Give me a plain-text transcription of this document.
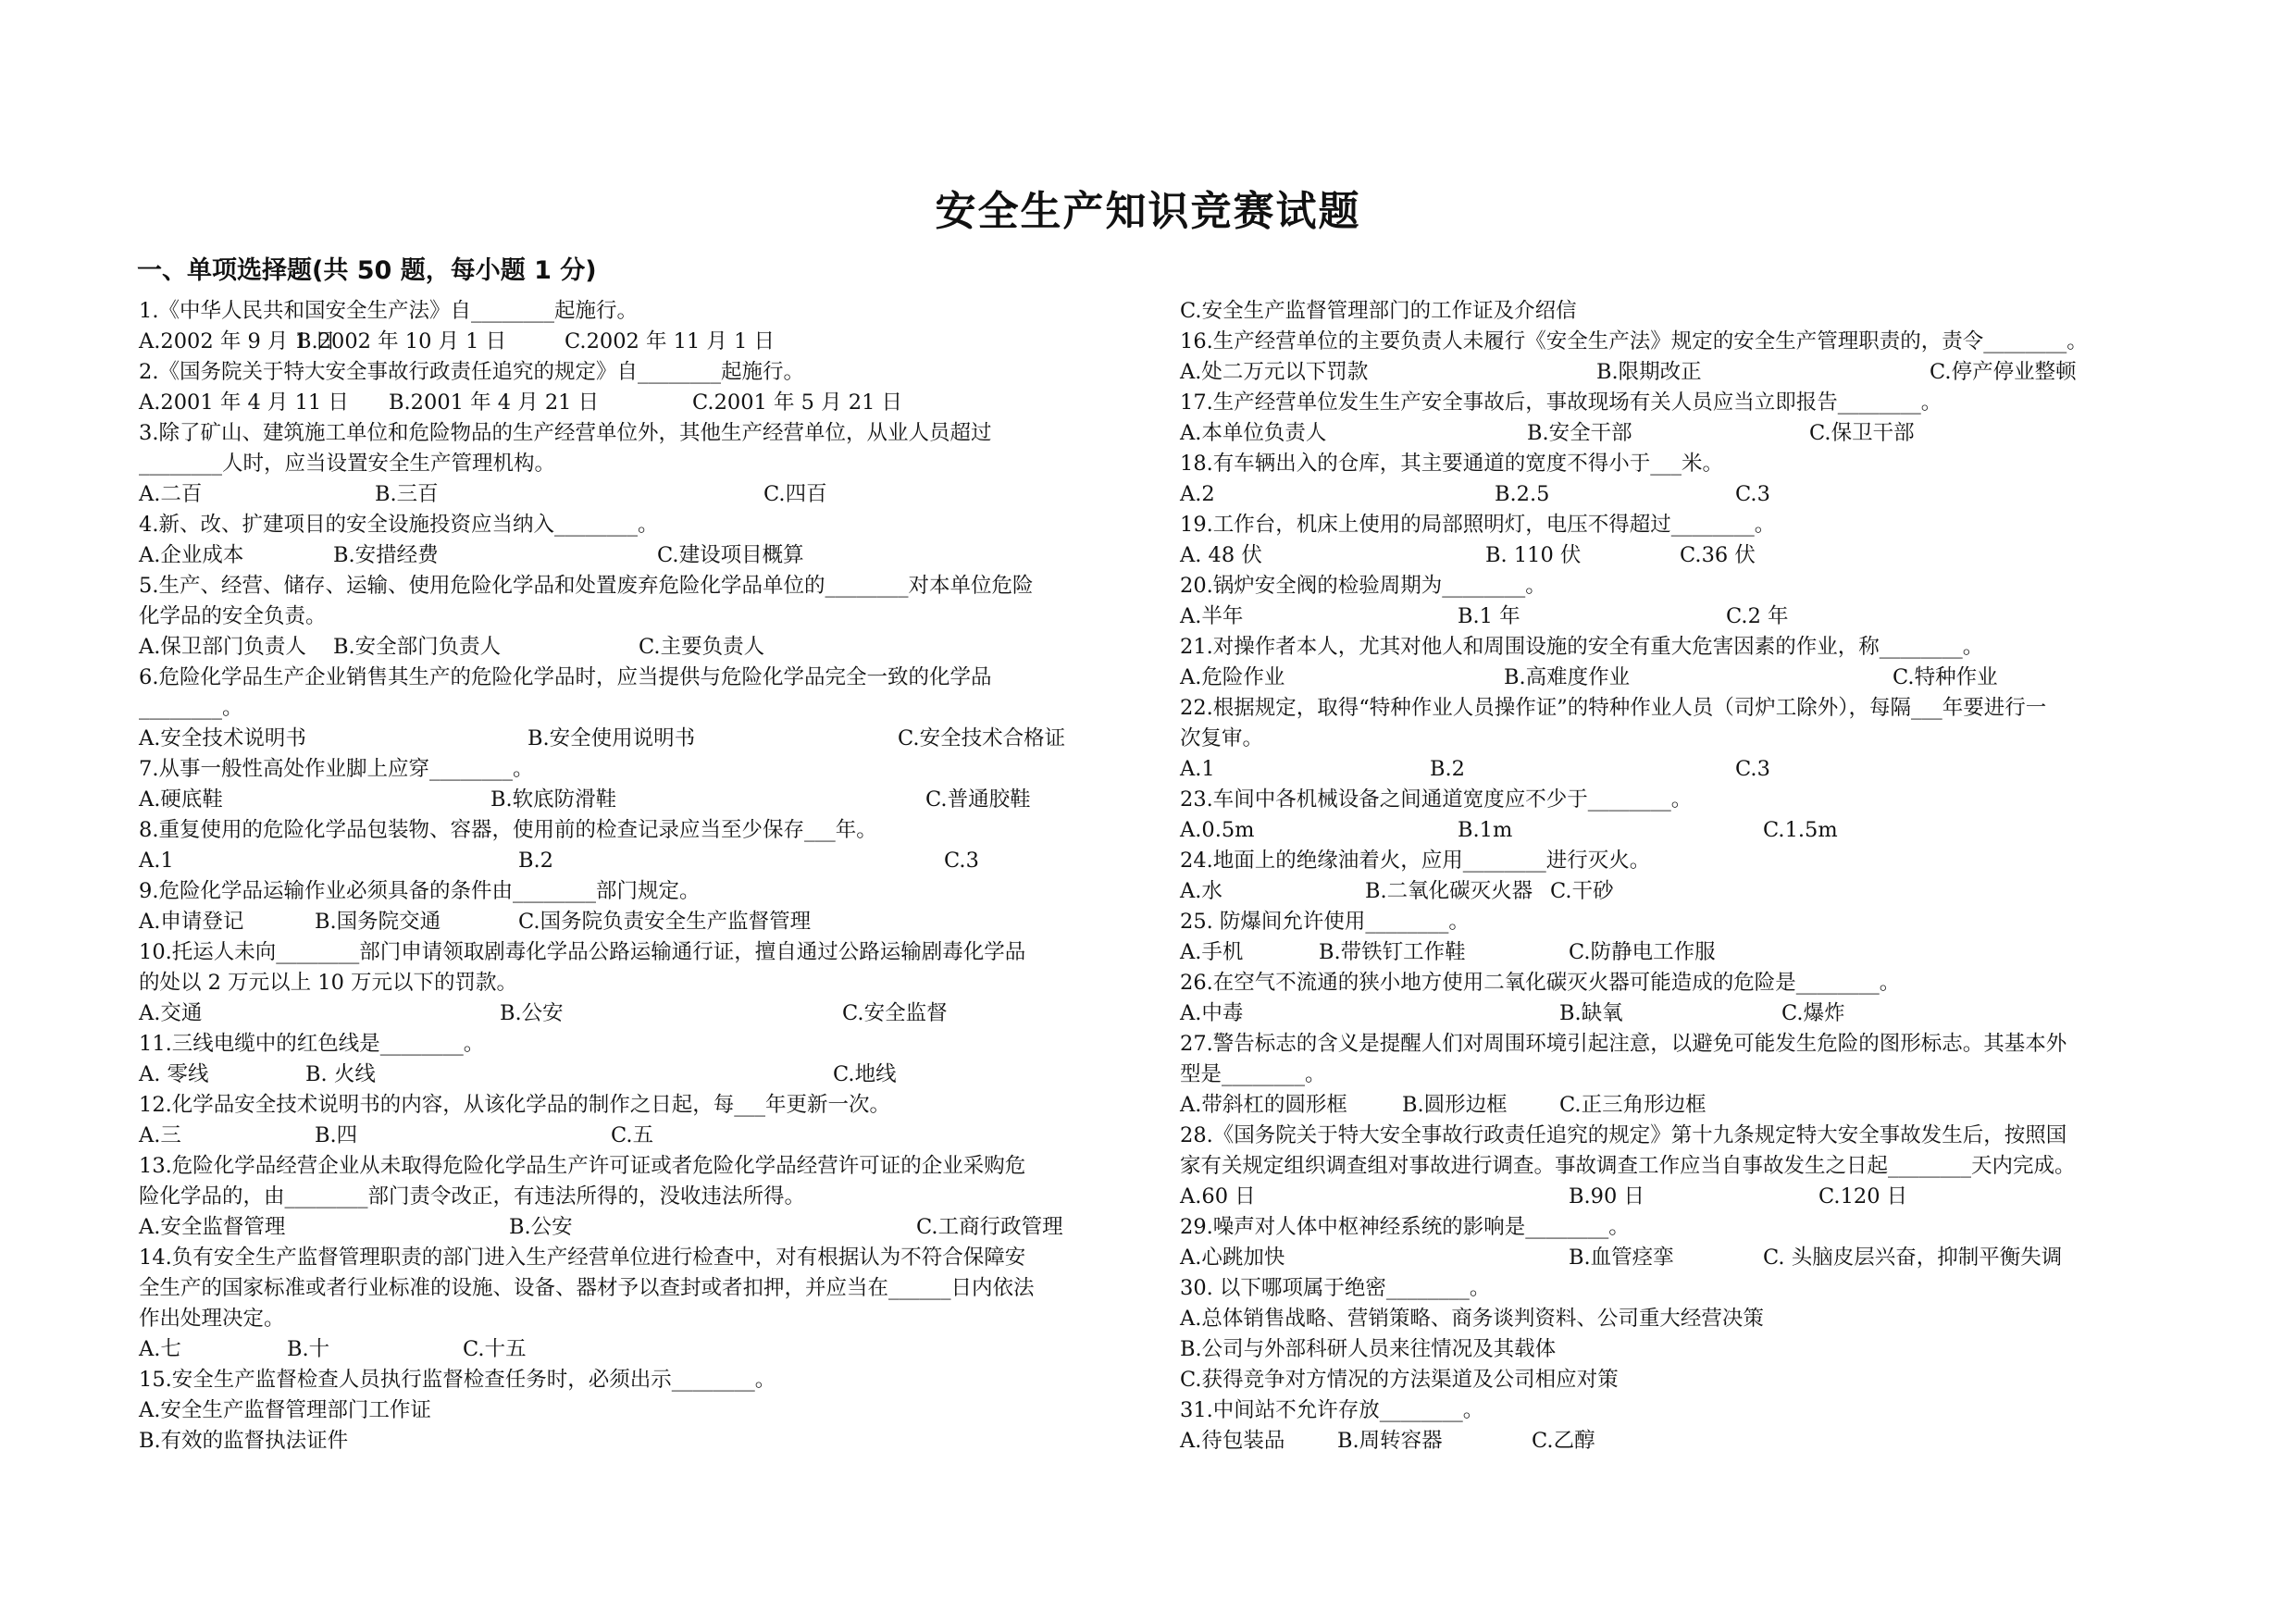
安全生产知识竞赛试题
一、单项选择题(共 50 题，每小题 1 分)
1.《中华人民共和国安全生产法》自________起施行。
A.2002 年 9 月 1 日
B.2002 年 10 月 1 日	C.2002 年 11 月 1 日
2.《国务院关于特大安全事故行政责任追究的规定》自________起施行。
A.2001 年 4 月 11 日 B.2001 年 4 月 21 日	C.2001 年 5 月 21 日
3.除了矿山、建筑施工单位和危险物品的生产经营单位外，其他生产经营单位，从业人员超过
________人时，应当设置安全生产管理机构。
A.二百	B.三百	C.四百
4.新、改、扩建项目的安全设施投资应当纳入________。
A.企业成本	B.安措经费	C.建设项目概算
5.生产、经营、储存、运输、使用危险化学品和处置废弃危险化学品单位的________对本单位危险
化学品的安全负责。
A.保卫部门负责人 B.安全部门负责人	C.主要负责人
6.危险化学品生产企业销售其生产的危险化学品时，应当提供与危险化学品完全一致的化学品
________。
A.安全技术说明书	B.安全使用说明书	C.安全技术合格证
7.从事一般性高处作业脚上应穿________。
A.硬底鞋	B.软底防滑鞋	C.普通胶鞋
8.重复使用的危险化学品包装物、容器，使用前的检查记录应当至少保存___年。
A.1	B.2	C.3
9.危险化学品运输作业必须具备的条件由________部门规定。
A.申请登记	B.国务院交通	C.国务院负责安全生产监督管理
10.托运人未向________部门申请领取剧毒化学品公路运输通行证，擅自通过公路运输剧毒化学品
的处以 2 万元以上 10 万元以下的罚款。
A.交通	B.公安	C.安全监督
11.三线电缆中的红色线是________。
A. 零线	B. 火线	C.地线
12.化学品安全技术说明书的内容，从该化学品的制作之日起，每___年更新一次。
A.三	B.四	C.五
13.危险化学品经营企业从未取得危险化学品生产许可证或者危险化学品经营许可证的企业采购危
险化学品的，由________部门责令改正，有违法所得的，没收违法所得。
A.安全监督管理	B.公安	C.工商行政管理
14.负有安全生产监督管理职责的部门进入生产经营单位进行检查中，对有根据认为不符合保障安
全生产的国家标准或者行业标准的设施、设备、器材予以查封或者扣押，并应当在______日内依法
作出处理决定。
A.七	B.十	C.十五
15.安全生产监督检查人员执行监督检查任务时，必须出示________。
A.安全生产监督管理部门工作证
B.有效的监督执法证件
C.安全生产监督管理部门的工作证及介绍信
16.生产经营单位的主要负责人未履行《安全生产法》规定的安全生产管理职责的，责令________。
A.处二万元以下罚款	B.限期改正	C.停产停业整顿
17.生产经营单位发生生产安全事故后，事故现场有关人员应当立即报告________。
A.本单位负责人	B.安全干部	C.保卫干部
18.有车辆出入的仓库，其主要通道的宽度不得小于___米。
A.2	B.2.5	C.3
19.工作台，机床上使用的局部照明灯，电压不得超过________。
A. 48 伏	B. 110 伏	C.36 伏
20.锅炉安全阀的检验周期为________。
A.半年	B.1 年	C.2 年
21.对操作者本人，尤其对他人和周围设施的安全有重大危害因素的作业，称________。
A.危险作业	B.高难度作业	C.特种作业
22.根据规定，取得“特种作业人员操作证”的特种作业人员（司炉工除外），每隔___年要进行一
次复审。
A.1	B.2	C.3
23.车间中各机械设备之间通道宽度应不少于________。
A.0.5m	B.1m	C.1.5m
24.地面上的绝缘油着火，应用________进行灭火。
A.水	B.二氧化碳灭火器 C.干砂
25. 防爆间允许使用________。
A.手机	B.带铁钉工作鞋	C.防静电工作服
26.在空气不流通的狭小地方使用二氧化碳灭火器可能造成的危险是________。
A.中毒	B.缺氧	C.爆炸
27.警告标志的含义是提醒人们对周围环境引起注意，以避免可能发生危险的图形标志。其基本外
型是________。
A.带斜杠的圆形框	B.圆形边框	C.正三角形边框
28.《国务院关于特大安全事故行政责任追究的规定》第十九条规定特大安全事故发生后，按照国
家有关规定组织调查组对事故进行调查。事故调查工作应当自事故发生之日起________天内完成。
A.60 日	B.90 日	C.120 日
29.噪声对人体中枢神经系统的影响是________。
A.心跳加快	B.血管痉挛	C. 头脑皮层兴奋，抑制平衡失调
30. 以下哪项属于绝密________。
A.总体销售战略、营销策略、商务谈判资料、公司重大经营决策
B.公司与外部科研人员来往情况及其载体
C.获得竞争对方情况的方法渠道及公司相应对策
31.中间站不允许存放________。
A.待包装品	B.周转容器	C.乙醇
